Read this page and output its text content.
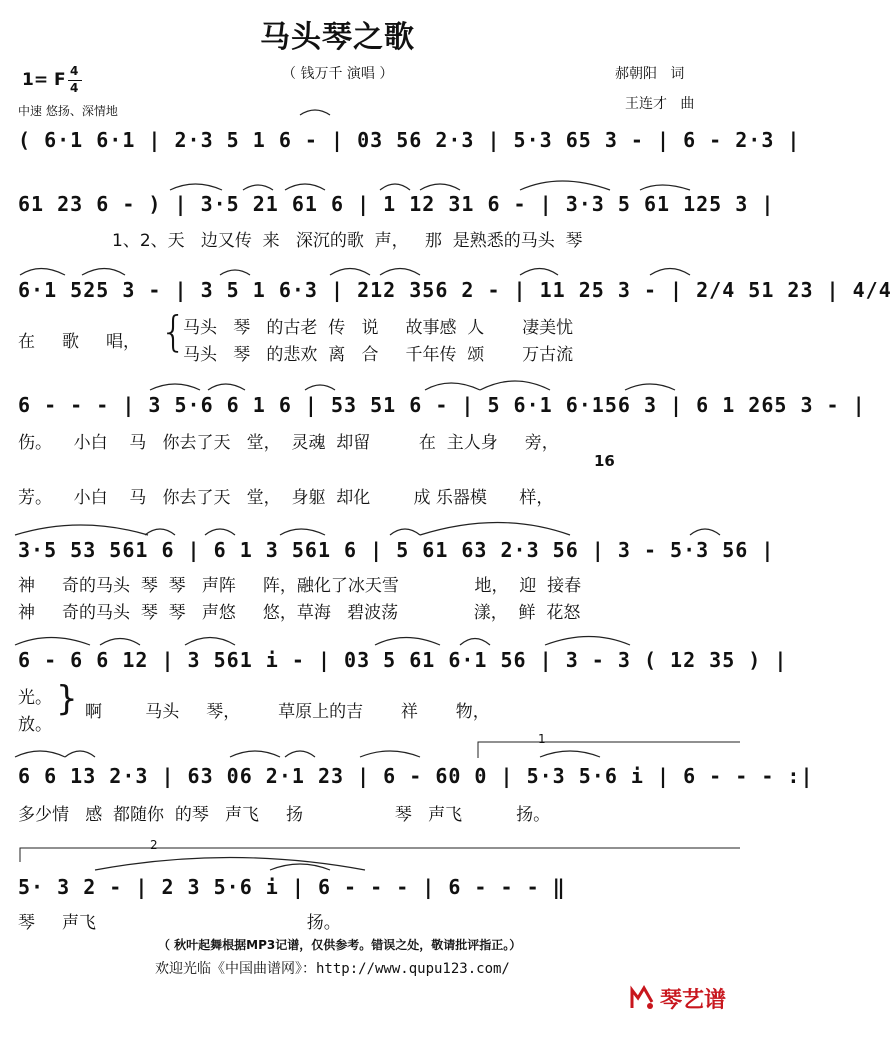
马头琴之歌
（ 钱万千 演唱 ）
1= F 4
4
中速 悠扬、深情地
郝朝阳   词
王连才   曲
( 6·1 6·1 | 2·3 5 1 6 - | 03 56 2·3 | 5·3 65 3 - | 6 - 2·3 |
61 23 6 - ) | 3·5 21 61 6 | 1 12 31 6 - | 3·3 5 61 125 3 |
1、2、天   边又传  来   深沉的歌  声，   那  是熟悉的马头  琴
6·1 525 3 - | 3 5 1 6·3 | 212 356 2 - | 11 25 3 - | 2/4 51 23 | 4/4
在     歌     唱， {
马头   琴   的古老  传   说     故事感  人       凄美忧
马头   琴   的悲欢  离   合     千年传  颂       万古流
6 - - - | 3 5·6 6 1 6 | 53 51 6 - | 5 6·1 6·156 3 | 6 1 265 3 - |
伤。    小白    马   你去了天   堂，  灵魂  却留         在  主人身     旁，
16
芳。    小白    马   你去了天   堂，  身躯  却化        成 乐器模      样，
3·5 53 561 6 | 6 1 3 561 6 | 5 61 63 2·3 56 | 3 - 5·3 56 |
神     奇的马头  琴  琴   声阵     阵，融化了冰天雪              地，  迎  接春
神     奇的马头  琴  琴   声悠     悠，草海   碧波荡              漾，  鲜  花怒
6 - 6 6 12 | 3 561 i - | 03 5 61 6·1 56 | 3 - 3 ( 12 35 ) |
光。
放。
} 啊        马头     琴，       草原上的吉       祥       物，
1
2
6 6 13 2·3 | 63 06 2·1 23 | 6 - 60 0 | 5·3 5·6 i | 6 - - - :|
多少情   感  都随你  的琴   声飞     扬                 琴   声飞          扬。
5· 3 2 - | 2 3 5·6 i | 6 - - - | 6 - - - ‖
琴     声飞                                       扬。
（ 秋叶起舞根据MP3记谱，仅供参考。错误之处，敬请批评指正。）
欢迎光临《中国曲谱网》：http://www.qupu123.com/

琴艺谱
